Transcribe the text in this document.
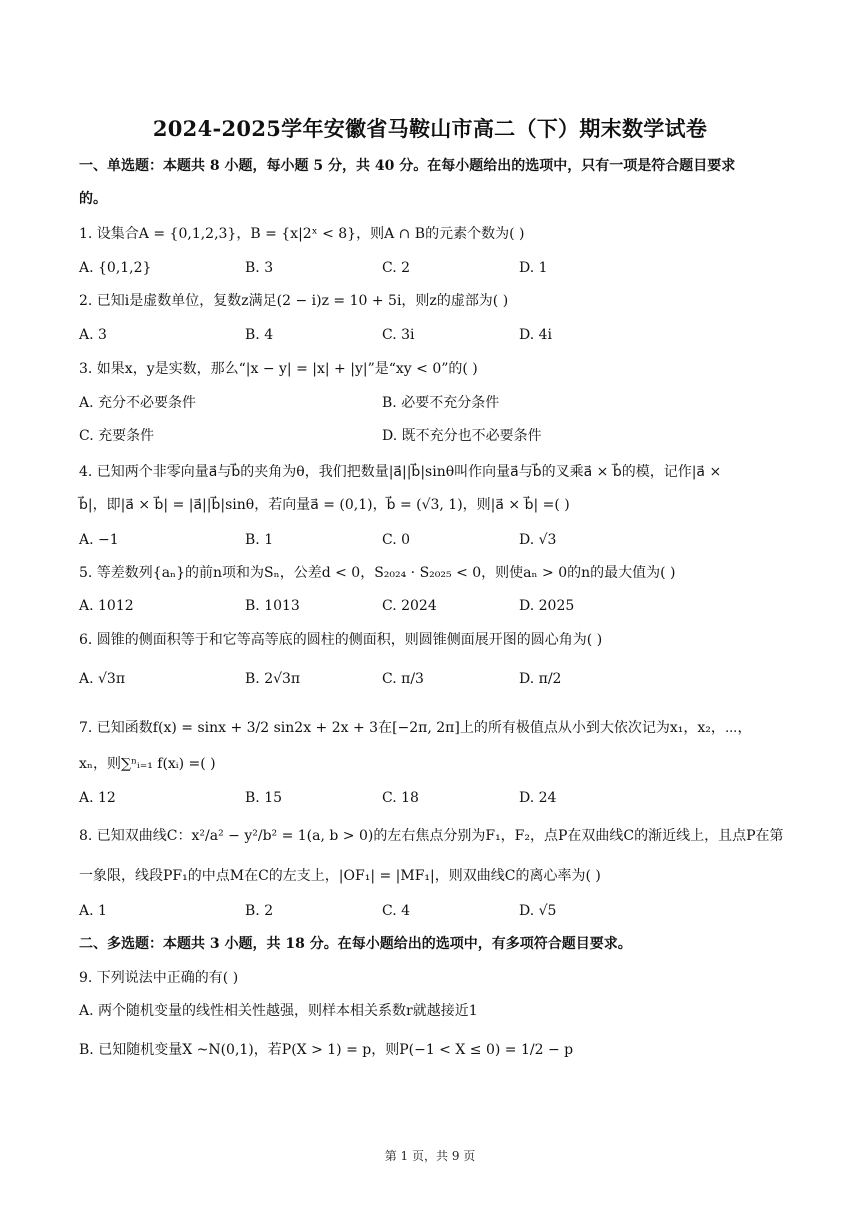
2024-2025学年安徽省马鞍山市高二（下）期末数学试卷
一、单选题：本题共 8 小题，每小题 5 分，共 40 分。在每小题给出的选项中，只有一项是符合题目要求
的。
1. 设集合A = {0,1,2,3}，B = {x|2ˣ < 8}，则A ∩ B的元素个数为( )
A. {0,1,2}	B. 3	C. 2	D. 1
2. 已知i是虚数单位，复数z满足(2 − i)z = 10 + 5i，则z的虚部为( )
A. 3	B. 4	C. 3i	D. 4i
3. 如果x，y是实数，那么“|x − y| = |x| + |y|”是“xy < 0”的( )
A. 充分不必要条件	B. 必要不充分条件
C. 充要条件	D. 既不充分也不必要条件
4. 已知两个非零向量a⃗与b⃗的夹角为θ，我们把数量|a⃗||b⃗|sinθ叫作向量a⃗与b⃗的叉乘a⃗ × b⃗的模，记作|a⃗ ×
b⃗|，即|a⃗ × b⃗| = |a⃗||b⃗|sinθ，若向量a⃗ = (0,1)，b⃗ = (√3, 1)，则|a⃗ × b⃗| =( )
A. −1	B. 1	C. 0	D. √3
5. 等差数列{aₙ}的前n项和为Sₙ，公差d < 0，S₂₀₂₄ · S₂₀₂₅ < 0，则使aₙ > 0的n的最大值为( )
A. 1012	B. 1013	C. 2024	D. 2025
6. 圆锥的侧面积等于和它等高等底的圆柱的侧面积，则圆锥侧面展开图的圆心角为( )
A. √3π	B. 2√3π	C. π/3	D. π/2
7. 已知函数f(x) = sinx + 3/2 sin2x + 2x + 3在[−2π, 2π]上的所有极值点从小到大依次记为x₁，x₂，⋯，
xₙ，则∑ⁿᵢ₌₁ f(xᵢ) =( )
A. 12	B. 15	C. 18	D. 24
8. 已知双曲线C：x²/a² − y²/b² = 1(a, b > 0)的左右焦点分别为F₁，F₂，点P在双曲线C的渐近线上，且点P在第
一象限，线段PF₁的中点M在C的左支上，|OF₁| = |MF₁|，则双曲线C的离心率为( )
A. 1	B. 2	C. 4	D. √5
二、多选题：本题共 3 小题，共 18 分。在每小题给出的选项中，有多项符合题目要求。
9. 下列说法中正确的有( )
A. 两个随机变量的线性相关性越强，则样本相关系数r就越接近1
B. 已知随机变量X ~N(0,1)，若P(X > 1) = p，则P(−1 < X ≤ 0) = 1/2 − p
第 1 页，共 9 页
